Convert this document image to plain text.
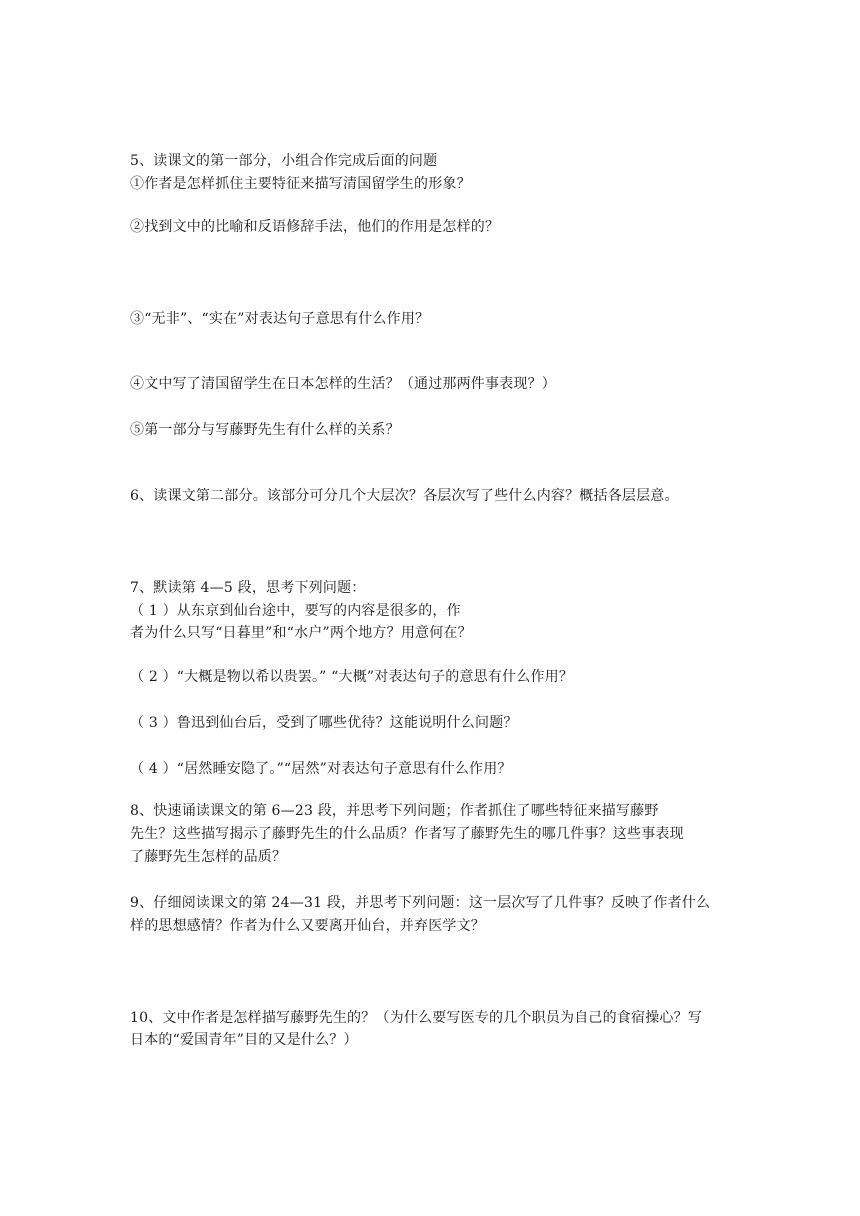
5、读课文的第一部分，小组合作完成后面的问题
①作者是怎样抓住主要特征来描写清国留学生的形象？
②找到文中的比喻和反语修辞手法，他们的作用是怎样的？
③“无非”、“实在”对表达句子意思有什么作用？
④文中写了清国留学生在日本怎样的生活？（通过那两件事表现？）
⑤第一部分与写藤野先生有什么样的关系？
6、读课文第二部分。该部分可分几个大层次？各层次写了些什么内容？概括各层层意。
7、默读第 4—5 段，思考下列问题：
（ 1 ）从东京到仙台途中，要写的内容是很多的，作
者为什么只写“日暮里”和“水户”两个地方？用意何在？
（ 2 ）“大概是物以希以贵罢。” “大概”对表达句子的意思有什么作用？
（ 3 ）鲁迅到仙台后，受到了哪些优待？这能说明什么问题？
（ 4 ）“居然睡安隐了。”“居然”对表达句子意思有什么作用？
8、快速诵读课文的第 6—23 段，并思考下列问题；作者抓住了哪些特征来描写藤野
先生？这些描写揭示了藤野先生的什么品质？作者写了藤野先生的哪几件事？这些事表现
了藤野先生怎样的品质？
9、仔细阅读课文的第 24—31 段，并思考下列问题：这一层次写了几件事？反映了作者什么
样的思想感情？作者为什么又要离开仙台，并弃医学文？
10、文中作者是怎样描写藤野先生的？（为什么要写医专的几个职员为自己的食宿操心？写
日本的“爱国青年”目的又是什么？）
